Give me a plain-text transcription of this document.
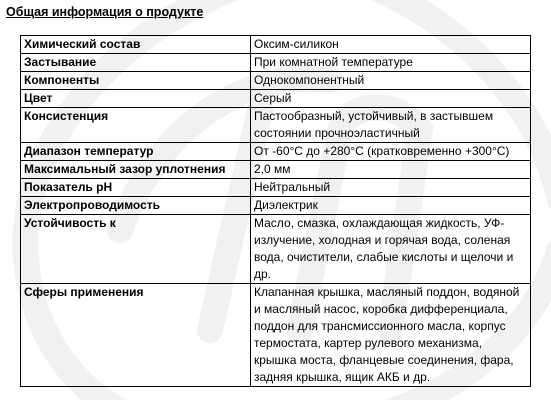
Общая информация о продукте
Химический состав	Оксим-силикон
Застывание	При комнатной температуре
Компоненты	Однокомпонентный
Цвет	Серый
Консистенция	Пастообразный, устойчивый, в застывшем состоянии прочноэластичный
Диапазон температур	От -60°C до +280°C (кратковременно +300°C)
Максимальный зазор уплотнения	2,0 мм
Показатель pH	Нейтральный
Электропроводимость	Диэлектрик
Устойчивость к	Масло, смазка, охлаждающая жидкость, УФ-излучение, холодная и горячая вода, соленая вода, очистители, слабые кислоты и щелочи и др.
Сферы применения	Клапанная крышка, масляный поддон, водяной и масляный насос, коробка дифференциала, поддон для трансмиссионного масла, корпус термостата, картер рулевого механизма, крышка моста, фланцевые соединения, фара, задняя крышка, ящик АКБ и др.
